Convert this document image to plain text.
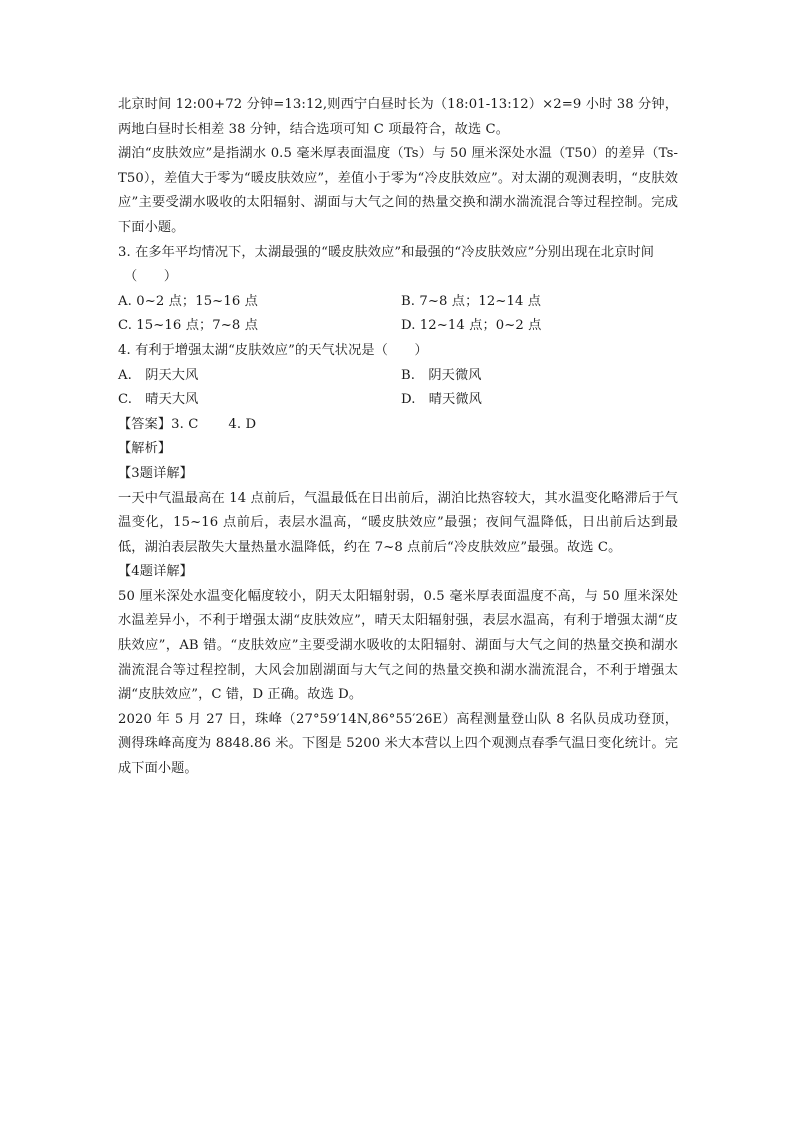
北京时间 12:00+72 分钟=13:12,则西宁白昼时长为（18:01-13:12）×2=9 小时 38 分钟，两地白昼时长相差 38 分钟，结合选项可知 C 项最符合，故选 C。

湖泊“皮肤效应”是指湖水 0.5 毫米厚表面温度（Ts）与 50 厘米深处水温（T50）的差异（Ts-T50），差值大于零为“暖皮肤效应”，差值小于零为“冷皮肤效应”。对太湖的观测表明，“皮肤效应”主要受湖水吸收的太阳辐射、湖面与大气之间的热量交换和湖水湍流混合等过程控制。完成下面小题。

3. 在多年平均情况下，太湖最强的“暖皮肤效应”和最强的“冷皮肤效应”分别出现在北京时间
（　　）

A. 0~2 点；15~16 点	B. 7~8 点；12~14 点
C. 15~16 点；7~8 点	D. 12~14 点；0~2 点

4. 有利于增强太湖“皮肤效应”的天气状况是（　　）

A.　阴天大风	B.　阴天微风
C.　晴天大风	D.　晴天微风

【答案】3. C 4. D

【解析】

【3题详解】

一天中气温最高在 14 点前后，气温最低在日出前后，湖泊比热容较大，其水温变化略滞后于气温变化，15~16 点前后，表层水温高，“暖皮肤效应”最强；夜间气温降低，日出前后达到最低，湖泊表层散失大量热量水温降低，约在 7~8 点前后“冷皮肤效应”最强。故选 C。

【4题详解】

50 厘米深处水温变化幅度较小，阴天太阳辐射弱，0.5 毫米厚表面温度不高，与 50 厘米深处水温差异小，不利于增强太湖“皮肤效应”，晴天太阳辐射强，表层水温高，有利于增强太湖“皮肤效应”，AB 错。“皮肤效应”主要受湖水吸收的太阳辐射、湖面与大气之间的热量交换和湖水湍流混合等过程控制，大风会加剧湖面与大气之间的热量交换和湖水湍流混合，不利于增强太湖“皮肤效应”，C 错，D 正确。故选 D。

2020 年 5 月 27 日，珠峰（27°59′14N,86°55′26E）高程测量登山队 8 名队员成功登顶，测得珠峰高度为 8848.86 米。下图是 5200 米大本营以上四个观测点春季气温日变化统计。完成下面小题。
